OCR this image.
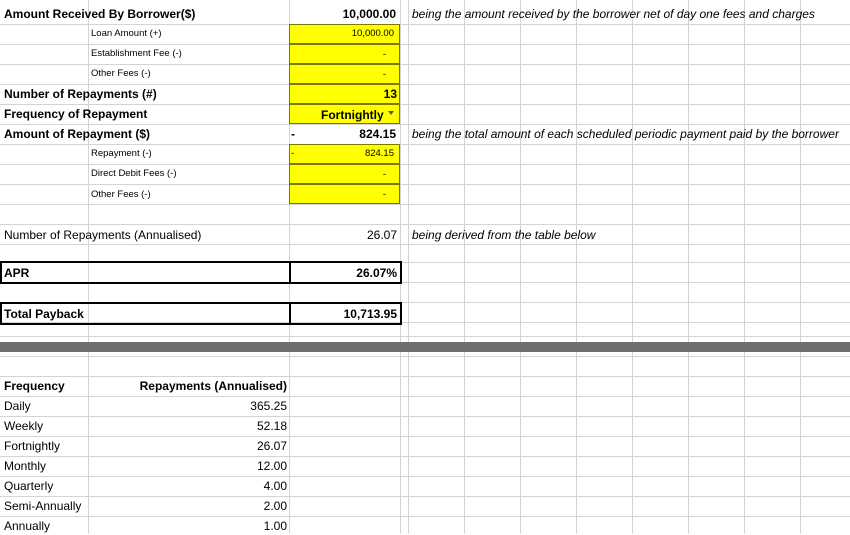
Amount Received By Borrower($)	10,000.00 being the amount received by the borrower net of day one fees and charges
Loan Amount (+)	10,000.00
Establishment Fee (-)	-
Other Fees (-)	-
Number of Repayments (#)	13
Frequency of Repayment	Fortnightly
Amount of Repayment ($)	-	824.15 being the total amount of each scheduled periodic payment paid by the borrower
Repayment (-)	-	824.15
Direct Debit Fees (-)	-
Other Fees (-)	-
Number of Repayments (Annualised)	26.07 being derived from the table below
APR	26.07%
Total Payback	10,713.95
Frequency	Repayments (Annualised)
Daily	365.25
Weekly	52.18
Fortnightly	26.07
Monthly	12.00
Quarterly	4.00
Semi-Annually	2.00
Annually	1.00
